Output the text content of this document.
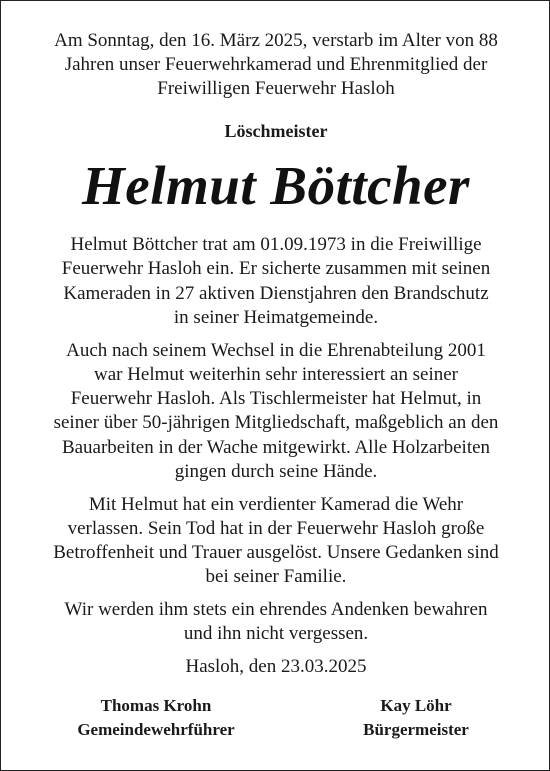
Am Sonntag, den 16. März 2025, verstarb im Alter von 88
Jahren unser Feuerwehrkamerad und Ehrenmitglied der
Freiwilligen Feuerwehr Hasloh
Löschmeister
Helmut Böttcher
Helmut Böttcher trat am 01.09.1973 in die Freiwillige
Feuerwehr Hasloh ein. Er sicherte zusammen mit seinen
Kameraden in 27 aktiven Dienstjahren den Brandschutz
in seiner Heimatgemeinde.
Auch nach seinem Wechsel in die Ehrenabteilung 2001
war Helmut weiterhin sehr interessiert an seiner
Feuerwehr Hasloh. Als Tischlermeister hat Helmut, in
seiner über 50-jährigen Mitgliedschaft, maßgeblich an den
Bauarbeiten in der Wache mitgewirkt. Alle Holzarbeiten
gingen durch seine Hände.
Mit Helmut hat ein verdienter Kamerad die Wehr
verlassen. Sein Tod hat in der Feuerwehr Hasloh große
Betroffenheit und Trauer ausgelöst. Unsere Gedanken sind
bei seiner Familie.
Wir werden ihm stets ein ehrendes Andenken bewahren
und ihn nicht vergessen.
Hasloh, den 23.03.2025
Thomas Krohn
Gemeindewehrführer
Kay Löhr
Bürgermeister
